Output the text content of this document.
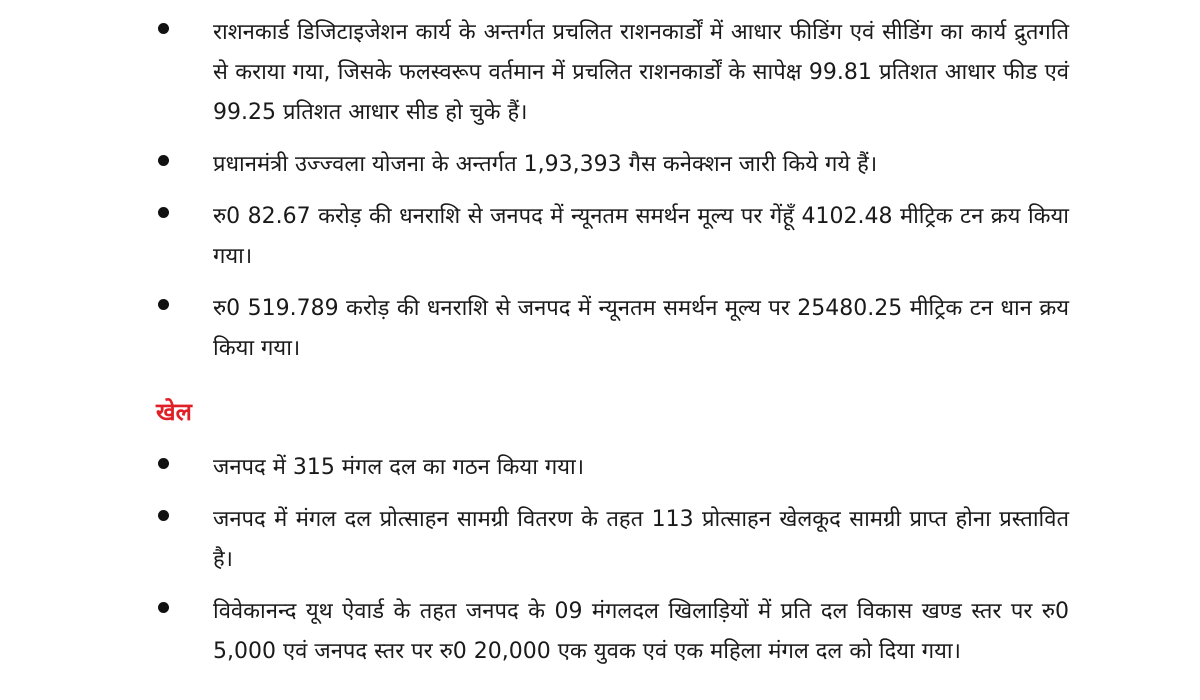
राशनकार्ड डिजिटाइजेशन कार्य के अन्तर्गत प्रचलित राशनकार्डों में आधार फीडिंग एवं सीडिंग का कार्य द्रुतगति से कराया गया, जिसके फलस्वरूप वर्तमान में प्रचलित राशनकार्डों के सापेक्ष 99.81 प्रतिशत आधार फीड एवं 99.25 प्रतिशत आधार सीड हो चुके हैं।
प्रधानमंत्री उज्ज्वला योजना के अन्तर्गत 1,93,393 गैस कनेक्शन जारी किये गये हैं।
रु0 82.67 करोड़ की धनराशि से जनपद में न्यूनतम समर्थन मूल्य पर गेंहूँ 4102.48 मीट्रिक टन क्रय किया गया।
रु0 519.789 करोड़ की धनराशि से जनपद में न्यूनतम समर्थन मूल्य पर 25480.25 मीट्रिक टन धान क्रय किया गया।
खेल
जनपद में 315 मंगल दल का गठन किया गया।
जनपद में मंगल दल प्रोत्साहन सामग्री वितरण के तहत 113 प्रोत्साहन खेलकूद सामग्री प्राप्त होना प्रस्तावित है।
विवेकानन्द यूथ ऐवार्ड के तहत जनपद के 09 मंगलदल खिलाड़ियों में प्रति दल विकास खण्ड स्तर पर रु0 5,000 एवं जनपद स्तर पर रु0 20,000 एक युवक एवं एक महिला मंगल दल को दिया गया।
